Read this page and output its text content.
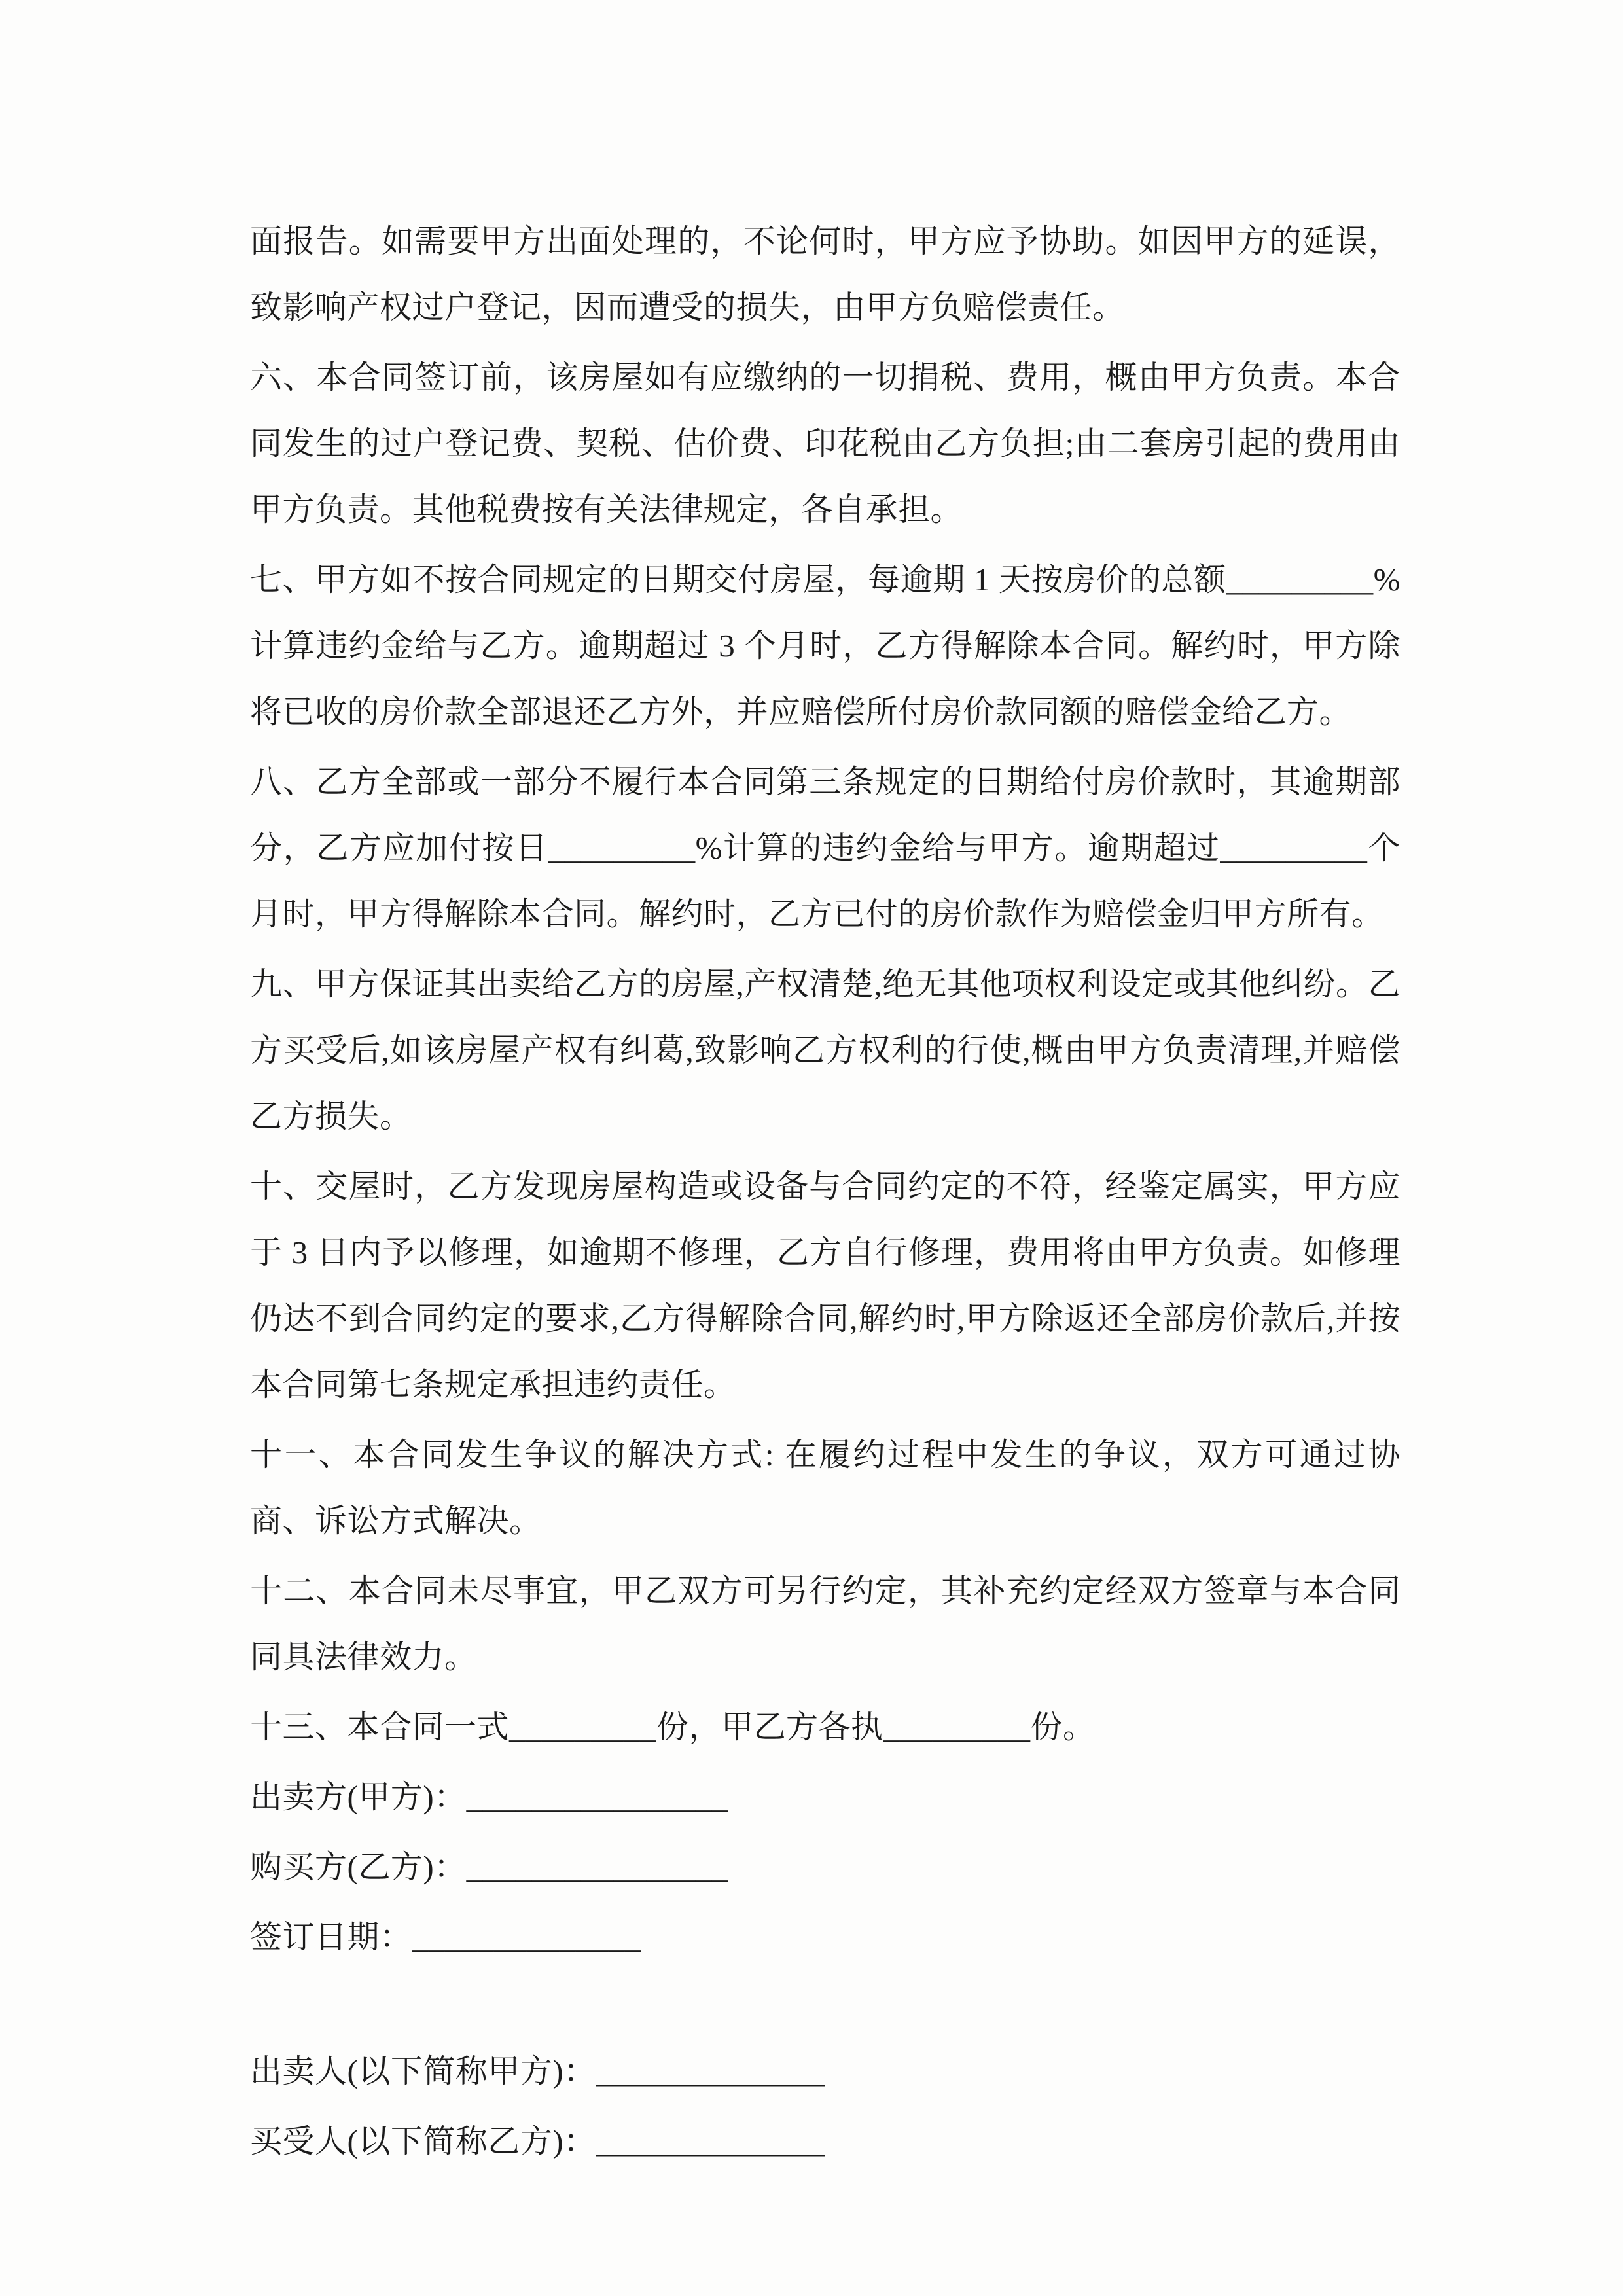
面报告。如需要甲方出面处理的，不论何时，甲方应予协助。如因甲方的延误，致影响产权过户登记，因而遭受的损失，由甲方负赔偿责任。

六、本合同签订前，该房屋如有应缴纳的一切捐税、费用，概由甲方负责。本合同发生的过户登记费、契税、估价费、印花税由乙方负担;由二套房引起的费用由甲方负责。其他税费按有关法律规定，各自承担。

七、甲方如不按合同规定的日期交付房屋，每逾期 1 天按房价的总额_________%计算违约金给与乙方。逾期超过 3 个月时，乙方得解除本合同。解约时，甲方除将已收的房价款全部退还乙方外，并应赔偿所付房价款同额的赔偿金给乙方。

八、乙方全部或一部分不履行本合同第三条规定的日期给付房价款时，其逾期部分，乙方应加付按日_________%计算的违约金给与甲方。逾期超过_________个月时，甲方得解除本合同。解约时，乙方已付的房价款作为赔偿金归甲方所有。

九、甲方保证其出卖给乙方的房屋,产权清楚,绝无其他项权利设定或其他纠纷。乙方买受后,如该房屋产权有纠葛,致影响乙方权利的行使,概由甲方负责清理,并赔偿乙方损失。

十、交屋时，乙方发现房屋构造或设备与合同约定的不符，经鉴定属实，甲方应于 3 日内予以修理，如逾期不修理，乙方自行修理，费用将由甲方负责。如修理仍达不到合同约定的要求,乙方得解除合同,解约时,甲方除返还全部房价款后,并按本合同第七条规定承担违约责任。

十一、本合同发生争议的解决方式: 在履约过程中发生的争议，双方可通过协商、诉讼方式解决。

十二、本合同未尽事宜，甲乙双方可另行约定，其补充约定经双方签章与本合同同具法律效力。

十三、本合同一式_________份，甲乙方各执_________份。

出卖方(甲方)：________________

购买方(乙方)：________________

签订日期：______________

出卖人(以下简称甲方)：______________

买受人(以下简称乙方)：______________
